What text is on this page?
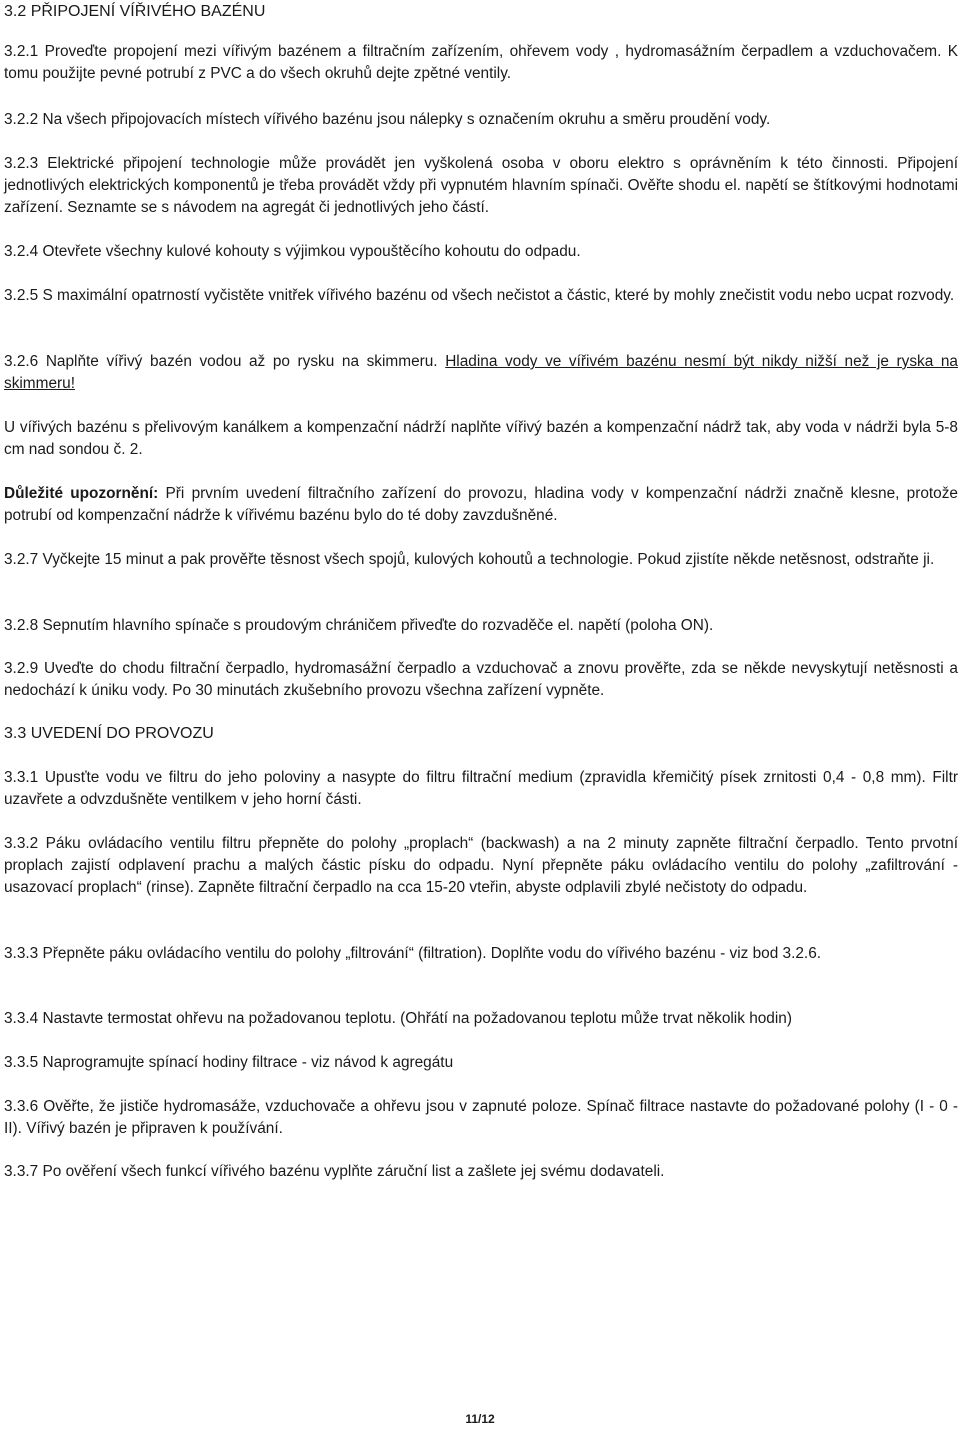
3.2 PŘIPOJENÍ VÍŘIVÉHO BAZÉNU

3.2.1 Proveďte propojení mezi vířivým bazénem a filtračním zařízením, ohřevem vody , hydromasážním čerpadlem a vzduchovačem. K tomu použijte pevné potrubí z PVC a do všech okruhů dejte zpětné ventily.

3.2.2 Na všech připojovacích místech vířivého bazénu jsou nálepky s označením okruhu a směru proudění vody.

3.2.3 Elektrické připojení technologie může provádět jen vyškolená osoba v oboru elektro s oprávněním k této činnosti. Připojení jednotlivých elektrických komponentů je třeba provádět vždy při vypnutém hlavním spínači. Ověřte shodu el. napětí se štítkovými hodnotami zařízení. Seznamte se s návodem na agregát či jednotlivých jeho částí.

3.2.4 Otevřete všechny kulové kohouty s výjimkou vypouštěcího kohoutu do odpadu.

3.2.5 S maximální opatrností vyčistěte vnitřek vířivého bazénu od všech nečistot a částic, které by mohly znečistit vodu nebo ucpat rozvody.

3.2.6 Naplňte vířivý bazén vodou až po rysku na skimmeru. Hladina vody ve vířivém bazénu nesmí být nikdy nižší než je ryska na skimmeru!

U vířivých bazénu s přelivovým kanálkem a kompenzační nádrží naplňte vířivý bazén a kompenzační nádrž tak, aby voda v nádrži byla 5-8 cm nad sondou č. 2.

Důležité upozornění: Při prvním uvedení filtračního zařízení do provozu, hladina vody v kompenzační nádrži značně klesne, protože potrubí od kompenzační nádrže k vířivému bazénu bylo do té doby zavzdušněné.

3.2.7 Vyčkejte 15 minut a pak prověřte těsnost všech spojů, kulových kohoutů a technologie. Pokud zjistíte někde netěsnost, odstraňte ji.

3.2.8 Sepnutím hlavního spínače s proudovým chráničem přiveďte do rozvaděče el. napětí (poloha ON).

3.2.9 Uveďte do chodu filtrační čerpadlo, hydromasážní čerpadlo a vzduchovač a znovu prověřte, zda se někde nevyskytují netěsnosti a nedochází k úniku vody. Po 30 minutách zkušebního provozu všechna zařízení vypněte.

3.3 UVEDENÍ DO PROVOZU

3.3.1 Upusťte vodu ve filtru do jeho poloviny a nasypte do filtru filtrační medium (zpravidla křemičitý písek zrnitosti 0,4 - 0,8 mm). Filtr uzavřete a odvzdušněte ventilkem v jeho horní části.

3.3.2 Páku ovládacího ventilu filtru přepněte do polohy „proplach“ (backwash) a na 2 minuty zapněte filtrační čerpadlo. Tento prvotní proplach zajistí odplavení prachu a malých částic písku do odpadu. Nyní přepněte páku ovládacího ventilu do polohy „zafiltrování - usazovací proplach“ (rinse). Zapněte filtrační čerpadlo na cca 15-20 vteřin, abyste odplavili zbylé nečistoty do odpadu.

3.3.3 Přepněte páku ovládacího ventilu do polohy „filtrování“ (filtration). Doplňte vodu do vířivého bazénu - viz bod 3.2.6.

3.3.4 Nastavte termostat ohřevu na požadovanou teplotu. (Ohřátí na požadovanou teplotu může trvat několik hodin)

3.3.5 Naprogramujte spínací hodiny filtrace - viz návod k agregátu

3.3.6 Ověřte, že jističe hydromasáže, vzduchovače a ohřevu jsou v zapnuté poloze. Spínač filtrace nastavte do požadované polohy (I - 0 - II). Vířivý bazén je připraven k používání.

3.3.7 Po ověření všech funkcí vířivého bazénu vyplňte záruční list a zašlete jej svému dodavateli.

11/12
